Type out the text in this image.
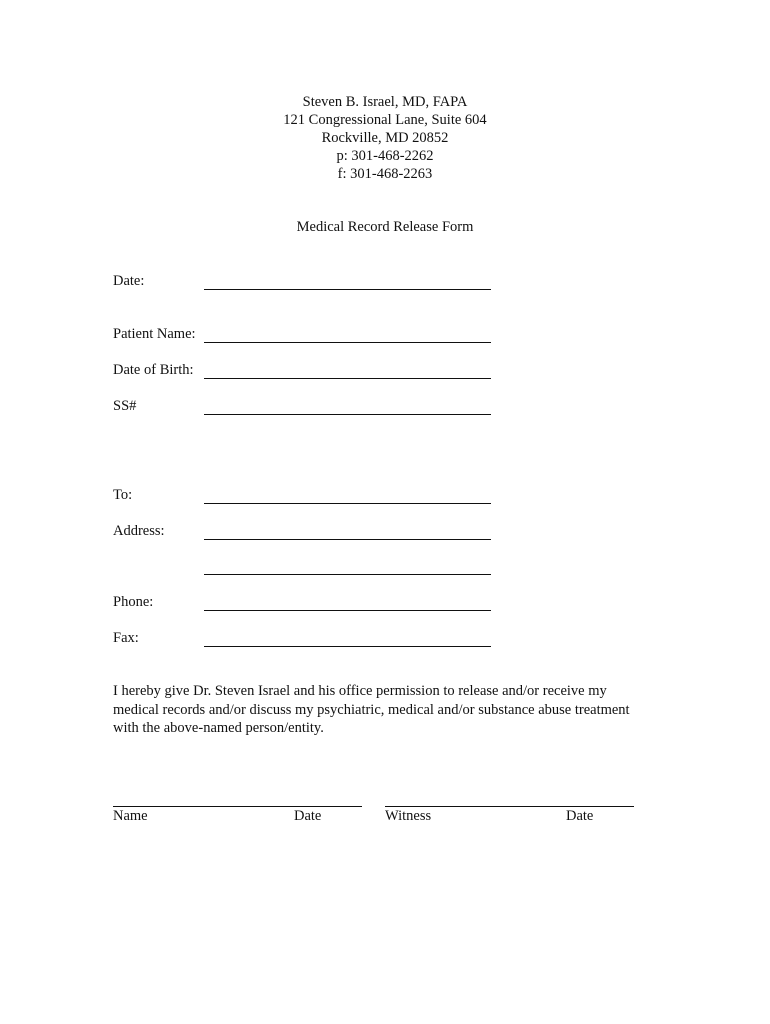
Steven B. Israel, MD, FAPA
121 Congressional Lane, Suite 604
Rockville, MD 20852
p: 301-468-2262
f: 301-468-2263
Medical Record Release Form
Date:
Patient Name:
Date of Birth:
SS#
To:
Address:
Phone:
Fax:
I hereby give Dr. Steven Israel and his office permission to release and/or receive my
medical records and/or discuss my psychiatric, medical and/or substance abuse treatment
with the above-named person/entity.
Name	Date	Witness	Date
